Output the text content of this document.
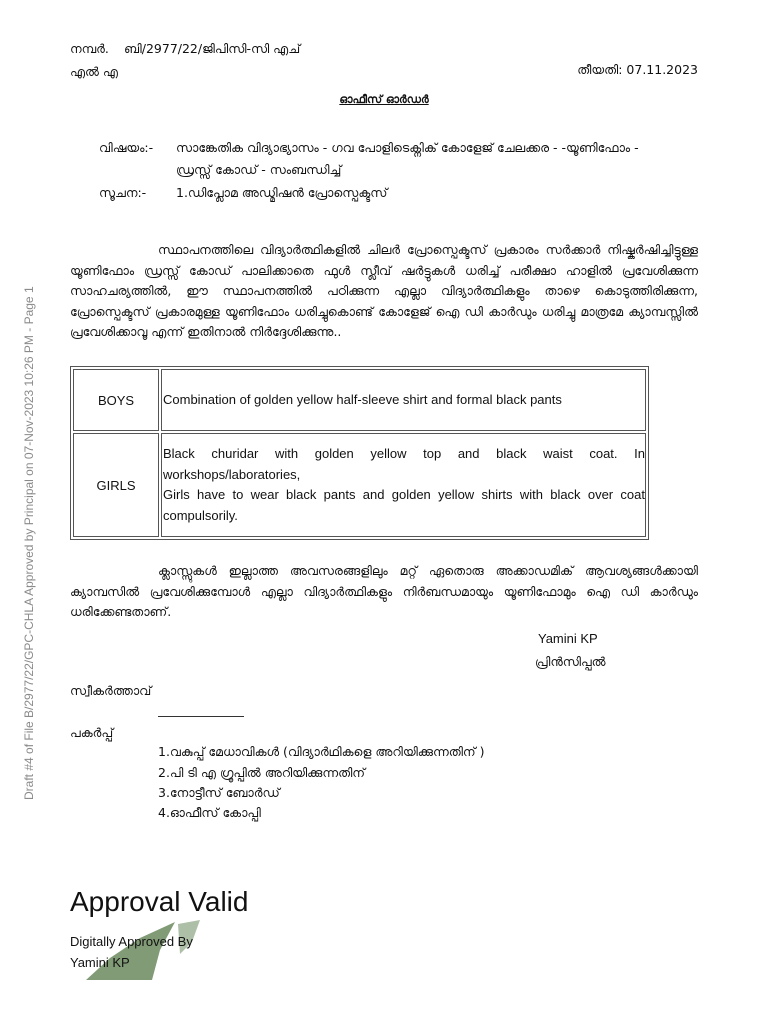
Draft #4 of File B/2977/22/GPC-CHLA Approved by Principal on 07-Nov-2023 10:26 PM - Page 1
നമ്പർ. ബി/2977/22/ജിപിസി-സി എച്
എൽ എ	തീയതി: 07.11.2023
ഓഫീസ് ഓർഡർ
വിഷയം:- സാങ്കേതിക വിദ്യാഭ്യാസം - ഗവ പോളിടെക്നിക് കോളേജ് ചേലക്കര - -യൂണിഫോം -
ഡ്രസ്സ് കോഡ് - സംബന്ധിച്ച്
സൂചന:- 1.ഡിപ്ലോമ അഡ്മിഷൻ പ്രോസ്പെക്ടസ്
സ്ഥാപനത്തിലെ വിദ്യാർത്ഥികളിൽ ചിലർ പ്രോസ്പെക്ടസ് പ്രകാരം സർക്കാർ നിഷ്കർഷിച്ചിട്ടുള്ള യൂണിഫോം ഡ്രസ്സ് കോഡ് പാലിക്കാതെ ഫുൾ സ്ലീവ് ഷർട്ടുകൾ ധരിച്ച് പരീക്ഷാ ഹാളിൽ പ്രവേശിക്കുന്ന സാഹചര്യത്തിൽ, ഈ സ്ഥാപനത്തിൽ പഠിക്കുന്ന എല്ലാ വിദ്യാർത്ഥികളും താഴെ കൊടുത്തിരിക്കുന്ന, പ്രോസ്പെക്ടസ് പ്രകാരമുള്ള യൂണിഫോം ധരിച്ചുകൊണ്ട് കോളേജ് ഐ ഡി കാർഡും ധരിച്ചു മാത്രമേ ക്യാമ്പസ്സിൽ പ്രവേശിക്കാവൂ എന്ന് ഇതിനാൽ നിർദ്ദേശിക്കുന്നു..
BOYS	Combination of golden yellow half-sleeve shirt and formal black pants

GIRLS	Black churidar with golden yellow top and black waist coat. In workshops/laboratories,
Girls have to wear black pants and golden yellow shirts with black over coat compulsorily.
ക്ലാസ്സുകൾ ഇല്ലാത്ത അവസരങ്ങളിലും മറ്റ് ഏതൊരു അക്കാഡമിക് ആവശ്യങ്ങൾക്കായി ക്യാമ്പസിൽ പ്രവേശിക്കുമ്പോൾ എല്ലാ വിദ്യാർത്ഥികളും നിർബന്ധമായും യൂണിഫോമും ഐ ഡി കാർഡും ധരിക്കേണ്ടതാണ്.
Yamini KP
പ്രിൻസിപ്പൽ
സ്വീകർത്താവ്
പകർപ്പ്
1.വകുപ്പ് മേധാവികൾ (വിദ്യാർഥികളെ അറിയിക്കുന്നതിന് )
2.പി ടി എ ഗ്രൂപ്പിൽ അറിയിക്കുന്നതിന്
3.നോട്ടീസ് ബോർഡ്
4.ഓഫീസ് കോപ്പി
Approval Valid
Digitally Approved By
Yamini KP
